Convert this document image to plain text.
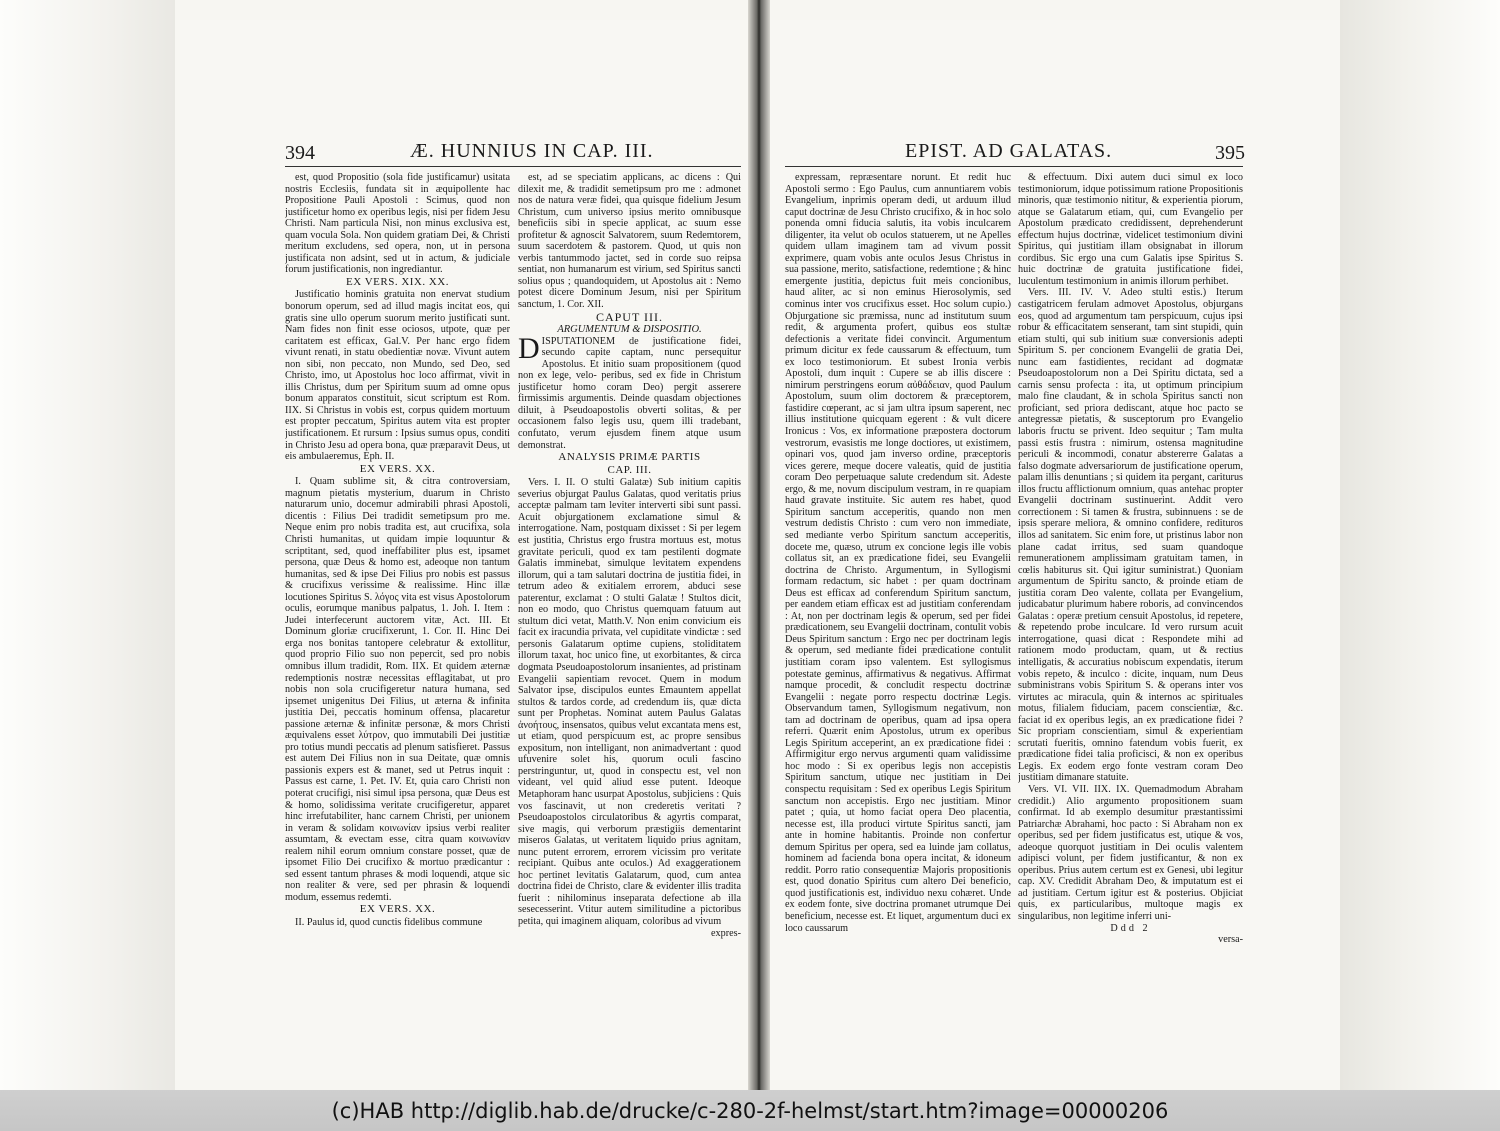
394	Æ. HUNNIUS IN CAP. III.	EPIST. AD GALATAS.	395

est, quod Propositio (sola fide justificamur) usitata nostris Ecclesiis, fundata sit in æquipollente hac Propositione Pauli Apostoli : Scimus, quod non justificetur homo ex operibus legis, nisi per fidem Jesu Christi. Nam particula Nisi, non minus exclusiva est, quam vocula Sola. Non quidem gratiam Dei, & Christi meritum excludens, sed opera, non, ut in persona justificata non adsint, sed ut in actum, & judiciale forum justificationis, non ingrediantur.

EX VERS. XIX. XX.

Justificatio hominis gratuita non enervat studium bonorum operum, sed ad illud magis incitat eos, qui gratis sine ullo operum suorum merito justificati sunt. Nam fides non finit esse ociosos, utpote, quæ per caritatem est efficax, Gal.V. Per hanc ergo fidem vivunt renati, in statu obedientiæ novæ. Vivunt autem non sibi, non peccato, non Mundo, sed Deo, sed Christo, imo, ut Apostolus hoc loco affirmat, vivit in illis Christus, dum per Spiritum suum ad omne opus bonum apparatos constituit, sicut scriptum est Rom. IIX. Si Christus in vobis est, corpus quidem mortuum est propter peccatum, Spiritus autem vita est propter justificationem. Et rursum : Ipsius sumus opus, conditi in Christo Jesu ad opera bona, quæ præparavit Deus, ut eis ambulaeremus, Eph. II.

EX VERS. XX.

I. Quam sublime sit, & citra controversiam, magnum pietatis mysterium, duarum in Christo naturarum unio, docemur admirabili phrasi Apostoli, dicentis : Filius Dei tradidit semetipsum pro me. Neque enim pro nobis tradita est, aut crucifixa, sola Christi humanitas, ut quidam impie loquuntur & scriptitant, sed, quod ineffabiliter plus est, ipsamet persona, quæ Deus & homo est, adeoque non tantum humanitas, sed & ipse Dei Filius pro nobis est passus & crucifixus verissime & realissime. Hinc illæ locutiones Spiritus S. λόγος vita est visus Apostolorum oculis, eorumque manibus palpatus, 1. Joh. I. Item : Judei interfecerunt auctorem vitæ, Act. III. Et Dominum gloriæ crucifixerunt, 1. Cor. II. Hinc Dei erga nos bonitas tantopere celebratur & extollitur, quod proprio Filio suo non pepercit, sed pro nobis omnibus illum tradidit, Rom. IIX. Et quidem æternæ redemptionis nostræ necessitas efflagitabat, ut pro nobis non sola crucifigeretur natura humana, sed ipsemet unigenitus Dei Filius, ut æterna & infinita justitia Dei, peccatis hominum offensa, placaretur passione æternæ & infinitæ personæ, & mors Christi æquivalens esset λύτρον, quo immutabili Dei justitiæ pro totius mundi peccatis ad plenum satisfieret. Passus est autem Dei Filius non in sua Deitate, quæ omnis passionis expers est & manet, sed ut Petrus inquit : Passus est carne, 1. Pet. IV. Et, quia caro Christi non poterat crucifigi, nisi simul ipsa persona, quæ Deus est & homo, solidissima veritate crucifigeretur, apparet hinc irrefutabiliter, hanc carnem Christi, per unionem in veram & solidam κοινωνίαν ipsius verbi realiter assumtam, & evectam esse, citra quam κοινωνίαν realem nihil eorum omnium constare posset, quæ de ipsomet Filio Dei crucifixo & mortuo prædicantur : sed essent tantum phrases & modi loquendi, atque sic non realiter & vere, sed per phrasin & loquendi modum, essemus redemti.

EX VERS. XX.

II. Paulus id, quod cunctis fidelibus commune

est, ad se speciatim applicans, ac dicens : Qui dilexit me, & tradidit semetipsum pro me : admonet nos de natura veræ fidei, qua quisque fidelium Jesum Christum, cum universo ipsius merito omnibusque beneficiis sibi in specie applicat, ac suum esse profitetur & agnoscit Salvatorem, suum Redemtorem, suum sacerdotem & pastorem. Quod, ut quis non verbis tantummodo jactet, sed in corde suo reipsa sentiat, non humanarum est virium, sed Spiritus sancti solius opus ; quandoquidem, ut Apostolus ait : Nemo potest dicere Dominum Jesum, nisi per Spiritum sanctum, 1. Cor. XII.

CAPUT III.
ARGUMENTUM & DISPOSITIO.

DISPUTATIONEM de justificatione fidei, secundo capite captam, nunc persequitur Apostolus. Et initio suam propositionem (quod non ex lege, velo- peribus, sed ex fide in Christum justificetur homo coram Deo) pergit asserere firmissimis argumentis. Deinde quasdam objectiones diluit, à Pseudoapostolis obverti solitas, & per occasionem falso legis usu, quem illi tradebant, confutato, verum ejusdem finem atque usum demonstrat.

ANALYSIS PRIMÆ PARTIS
CAP. III.

Vers. I. II. O stulti Galatæ) Sub initium capitis severius objurgat Paulus Galatas, quod veritatis prius acceptæ palmam tam leviter interverti sibi sunt passi. Acuit objurgationem exclamatione simul & interrogatione. Nam, postquam dixisset : Si per legem est justitia, Christus ergo frustra mortuus est, motus gravitate periculi, quod ex tam pestilenti dogmate Galatis imminebat, simulque levitatem expendens illorum, qui a tam salutari doctrina de justitia fidei, in tetrum adeo & exitialem errorem, abduci sese paterentur, exclamat : O stulti Galatæ ! Stultos dicit, non eo modo, quo Christus quemquam fatuum aut stultum dici vetat, Matth.V. Non enim convicium eis facit ex iracundia privata, vel cupiditate vindictæ : sed personis Galatarum optime cupiens, stoliditatem illorum taxat, hoc unico fine, ut exorbitantes, & circa dogmata Pseudoapostolorum insanientes, ad pristinam Evangelii sapientiam revocet. Quem in modum Salvator ipse, discipulos euntes Emauntem appellat stultos & tardos corde, ad credendum iis, quæ dicta sunt per Prophetas. Nominat autem Paulus Galatas ἀνοήτους, insensatos, quibus velut excantata mens est, ut etiam, quod perspicuum est, ac propre sensibus expositum, non intelligant, non animadvertant : quod ufuvenire solet his, quorum oculi fascino perstringuntur, ut, quod in conspectu est, vel non videant, vel quid aliud esse putent. Ideoque Metaphoram hanc usurpat Apostolus, subjiciens : Quis vos fascinavit, ut non crederetis veritati ? Pseudoapostolos circulatoribus & agyrtis comparat, sive magis, qui verborum præstigiis dementarint miseros Galatas, ut veritatem liquido prius agnitam, nunc putent errorem, errorem vicissim pro veritate recipiant. Quibus ante oculos.) Ad exaggerationem hoc pertinet levitatis Galatarum, quod, cum antea doctrina fidei de Christo, clare & evidenter illis tradita fuerit : nihilominus inseparata defectione ab illa sesecesserint. Vtitur autem similitudine a pictoribus petita, qui imaginem aliquam, coloribus ad vivum

expres-

expressam, repræsentare norunt. Et redit huc Apostoli sermo : Ego Paulus, cum annuntiarem vobis Evangelium, inprimis operam dedi, ut arduum illud caput doctrinæ de Jesu Christo crucifixo, & in hoc solo ponenda omni fiducia salutis, ita vobis inculcarem diligenter, ita velut ob oculos statuerem, ut ne Apelles quidem ullam imaginem tam ad vivum possit exprimere, quam vobis ante oculos Jesus Christus in sua passione, merito, satisfactione, redemtione ; & hinc emergente justitia, depictus fuit meis concionibus, haud aliter, ac si non eminus Hierosolymis, sed cominus inter vos crucifixus esset. Hoc solum cupio.) Objurgatione sic præmissa, nunc ad institutum suum redit, & argumenta profert, quibus eos stultæ defectionis a veritate fidei convincit. Argumentum primum dicitur ex fede caussarum & effectuum, tum ex loco testimoniorum. Et subest Ironia verbis Apostoli, dum inquit : Cupere se ab illis discere : nimirum perstringens eorum αὐθάδειαν, quod Paulum Apostolum, suum olim doctorem & præceptorem, fastidire cœperant, ac si jam ultra ipsum saperent, nec illius institutione quicquam egerent : & vult dicere Ironicus : Vos, ex informatione præpostera doctorum vestrorum, evasistis me longe doctiores, ut existimem, opinari vos, quod jam inverso ordine, præceptoris vices gerere, meque docere valeatis, quid de justitia coram Deo perpetuaque salute credendum sit. Adeste ergo, & me, novum discipulum vestram, in re quapiam haud gravate instituite. Sic autem res habet, quod Spiritum sanctum acceperitis, quando non men vestrum dedistis Christo : cum vero non immediate, sed mediante verbo Spiritum sanctum acceperitis, docete me, quæso, utrum ex concione legis ille vobis collatus sit, an ex prædicatione fidei, seu Evangelii doctrina de Christo. Argumentum, in Syllogismi formam redactum, sic habet : per quam doctrinam Deus est efficax ad conferendum Spiritum sanctum, per eandem etiam efficax est ad justitiam conferendam : At, non per doctrinam legis & operum, sed per fidei prædicationem, seu Evangelii doctrinam, contulit vobis Deus Spiritum sanctum : Ergo nec per doctrinam legis & operum, sed mediante fidei prædicatione contulit justitiam coram ipso valentem. Est syllogismus potestate geminus, affirmativus & negativus. Affirmat namque procedit, & concludit respectu doctrinæ Evangelii : negate porro respectu doctrinæ Legis. Observandum tamen, Syllogismum negativum, non tam ad doctrinam de operibus, quam ad ipsa opera referri. Quærit enim Apostolus, utrum ex operibus Legis Spiritum acceperint, an ex prædicatione fidei : Affirmigitur ergo nervus argumenti quam validissime hoc modo : Si ex operibus legis non accepistis Spiritum sanctum, utique nec justitiam in Dei conspectu requisitam : Sed ex operibus Legis Spiritum sanctum non accepistis. Ergo nec justitiam. Minor patet ; quia, ut homo faciat opera Deo placentia, necesse est, illa produci virtute Spiritus sancti, jam ante in homine habitantis. Proinde non confertur demum Spiritus per opera, sed ea luinde jam collatus, hominem ad facienda bona opera incitat, & idoneum reddit. Porro ratio consequentiæ Majoris propositionis est, quod donatio Spiritus cum altero Dei beneficio, quod justificationis est, individuo nexu cohæret. Unde ex eodem fonte, sive doctrina promanet utrumque Dei beneficium, necesse est. Et liquet, argumentum duci ex loco caussarum

& effectuum. Dixi autem duci simul ex loco testimoniorum, idque potissimum ratione Propositionis minoris, quæ testimonio nititur, & experientia piorum, atque se Galatarum etiam, qui, cum Evangelio per Apostolum prædicato credidissent, deprehenderunt effectum hujus doctrinæ, videlicet testimonium divini Spiritus, qui justitiam illam obsignabat in illorum cordibus. Sic ergo una cum Galatis ipse Spiritus S. huic doctrinæ de gratuita justificatione fidei, luculentum testimonium in animis illorum perhibet.

Vers. III. IV. V. Adeo stulti estis.) Iterum castigatricem ferulam admovet Apostolus, objurgans eos, quod ad argumentum tam perspicuum, cujus ipsi robur & efficacitatem senserant, tam sint stupidi, quin etiam stulti, qui sub initium suæ conversionis adepti Spiritum S. per concionem Evangelii de gratia Dei, nunc eam fastidientes, recidant ad dogmatæ Pseudoapostolorum non a Dei Spiritu dictata, sed a carnis sensu profecta : ita, ut optimum principium malo fine claudant, & in schola Spiritus sancti non proficiant, sed priora dediscant, atque hoc pacto se antegressæ pietatis, & susceptorum pro Evangelio laboris fructu se privent. Ideo sequitur ; Tam multa passi estis frustra : nimirum, ostensa magnitudine periculi & incommodi, conatur abstererre Galatas a falso dogmate adversariorum de justificatione operum, palam illis denuntians ; si quidem ita pergant, cariturus illos fructu afflictionum omnium, quas antehac propter Evangelii doctrinam sustinuerint. Addit vero correctionem : Si tamen & frustra, subinnuens : se de ipsis sperare meliora, & omnino confidere, redituros illos ad sanitatem. Sic enim fore, ut pristinus labor non plane cadat irritus, sed suam quandoque remunerationem amplissimam gratuitam tamen, in cœlis habiturus sit. Qui igitur suministrat.) Quoniam argumentum de Spiritu sancto, & proinde etiam de justitia coram Deo valente, collata per Evangelium, judicabatur plurimum habere roboris, ad convincendos Galatas : operæ pretium censuit Apostolus, id repetere, & repetendo probe inculcare. Id vero rursum acuit interrogatione, quasi dicat : Respondete mihi ad rationem modo productam, quam, ut & rectius intelligatis, & accuratius nobiscum expendatis, iterum vobis repeto, & inculco : dicite, inquam, num Deus subministrans vobis Spiritum S. & operans inter vos virtutes ac miracula, quin & internos ac spirituales motus, filialem fiduciam, pacem conscientiæ, &c. faciat id ex operibus legis, an ex prædicatione fidei ? Sic propriam conscientiam, simul & experientiam scrutati fueritis, omnino fatendum vobis fuerit, ex prædicatione fidei talia proficisci, & non ex operibus Legis. Ex eodem ergo fonte vestram coram Deo justitiam dimanare statuite.

Vers. VI. VII. IIX. IX. Quemadmodum Abraham credidit.) Alio argumento propositionem suam confirmat. Id ab exemplo desumitur præstantissimi Patriarchæ Abrahami, hoc pacto : Si Abraham non ex operibus, sed per fidem justificatus est, utique & vos, adeoque quorquot justitiam in Dei oculis valentem adipisci volunt, per fidem justificantur, & non ex operibus. Prius autem certum est ex Genesi, ubi legitur cap. XV. Credidit Abraham Deo, & imputatum est ei ad justitiam. Certum igitur est & posterius. Objiciat quis, ex particularibus, multoque magis ex singularibus, non legitime inferri uni-

Ddd 2
versa-
(c)HAB http://diglib.hab.de/drucke/c-280-2f-helmst/start.htm?image=00000206
